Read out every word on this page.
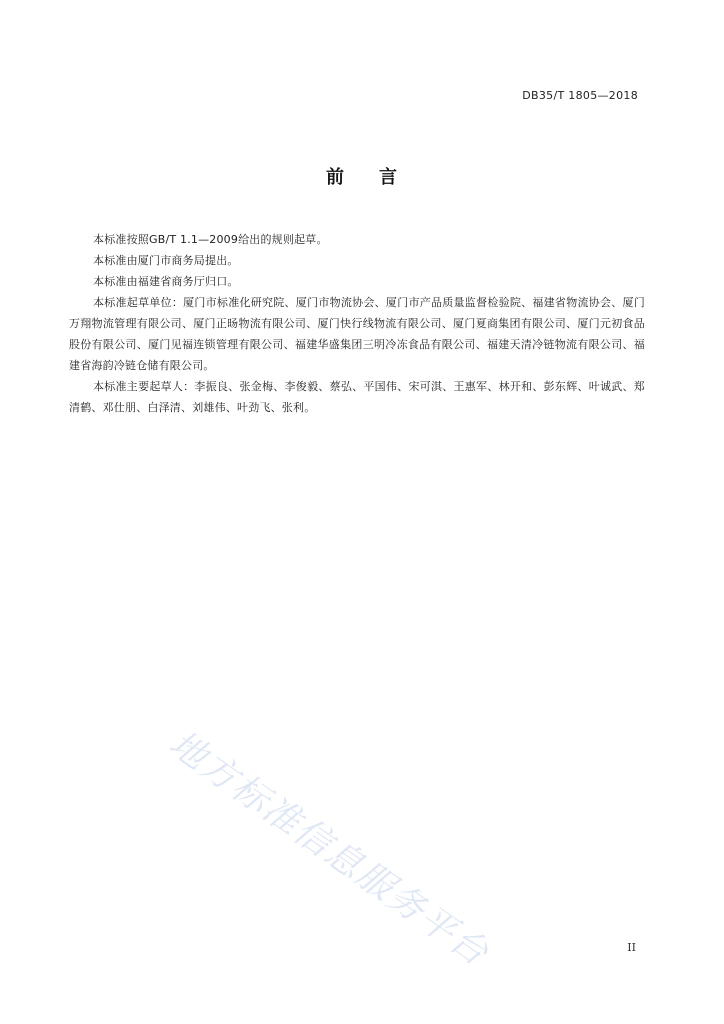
DB35/T 1805—2018
前 言

本标准按照GB/T 1.1—2009给出的规则起草。

本标准由厦门市商务局提出。

本标准由福建省商务厅归口。

本标准起草单位：厦门市标准化研究院、厦门市物流协会、厦门市产品质量监督检验院、福建省物流协会、厦门万翔物流管理有限公司、厦门正旸物流有限公司、厦门快行线物流有限公司、厦门夏商集团有限公司、厦门元初食品股份有限公司、厦门见福连锁管理有限公司、福建华盛集团三明冷冻食品有限公司、福建天清冷链物流有限公司、福建省海韵冷链仓储有限公司。

本标准主要起草人：李振良、张金梅、李俊毅、蔡弘、平国伟、宋可淇、王惠军、林开和、彭东辉、叶诚武、郑清鹤、邓仕朋、白泽清、刘雄伟、叶劲飞、张利。

地方标准信息服务平台	II
